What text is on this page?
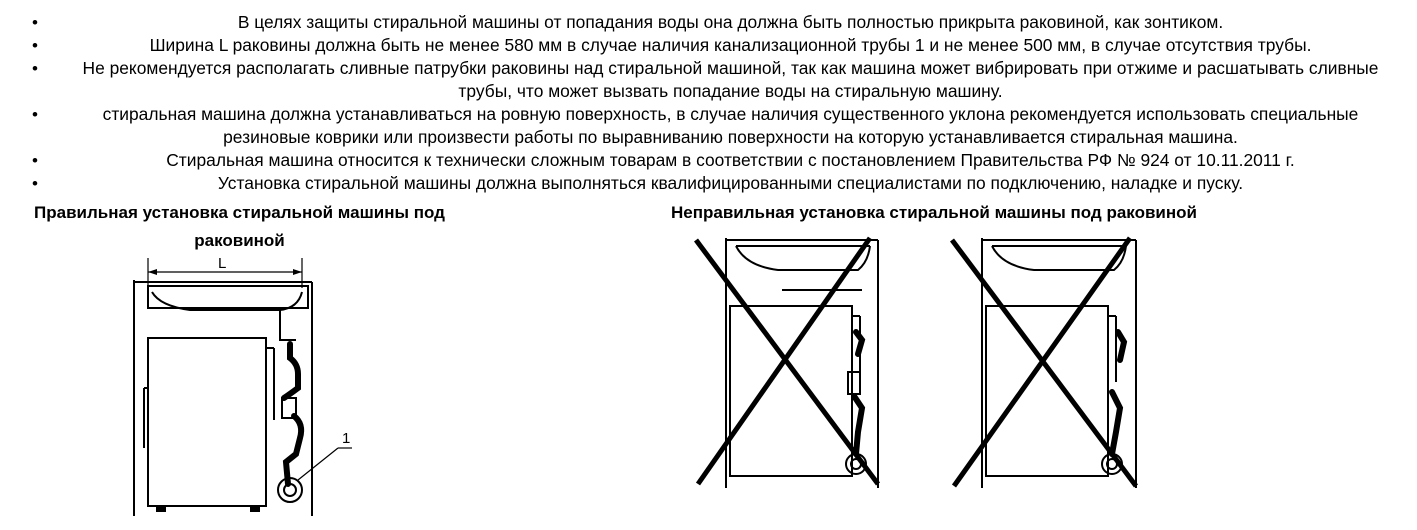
•	В целях защиты стиральной машины от попадания воды она должна быть полностью прикрыта раковиной, как зонтиком.
•	Ширина L раковины должна быть не менее 580 мм в случае наличия канализационной трубы 1 и не менее 500 мм, в случае отсутствия трубы.
•	Не рекомендуется располагать сливные патрубки раковины над стиральной машиной, так как машина может вибрировать при отжиме и расшатывать сливные трубы, что может вызвать попадание воды на стиральную машину.
•	стиральная машина должна устанавливаться на ровную поверхность, в случае наличия существенного уклона рекомендуется использовать специальные резиновые коврики или произвести работы по выравниванию поверхности на которую устанавливается стиральная машина.
•	Стиральная машина относится к технически сложным товарам в соответствии с постановлением Правительства РФ № 924 от 10.11.2011 г.
•	Установка стиральной машины должна выполняться квалифицированными специалистами по подключению, наладке и пуску.
Правильная установка стиральной машины под раковиной
Неправильная установка стиральной машины под раковиной
L
1
